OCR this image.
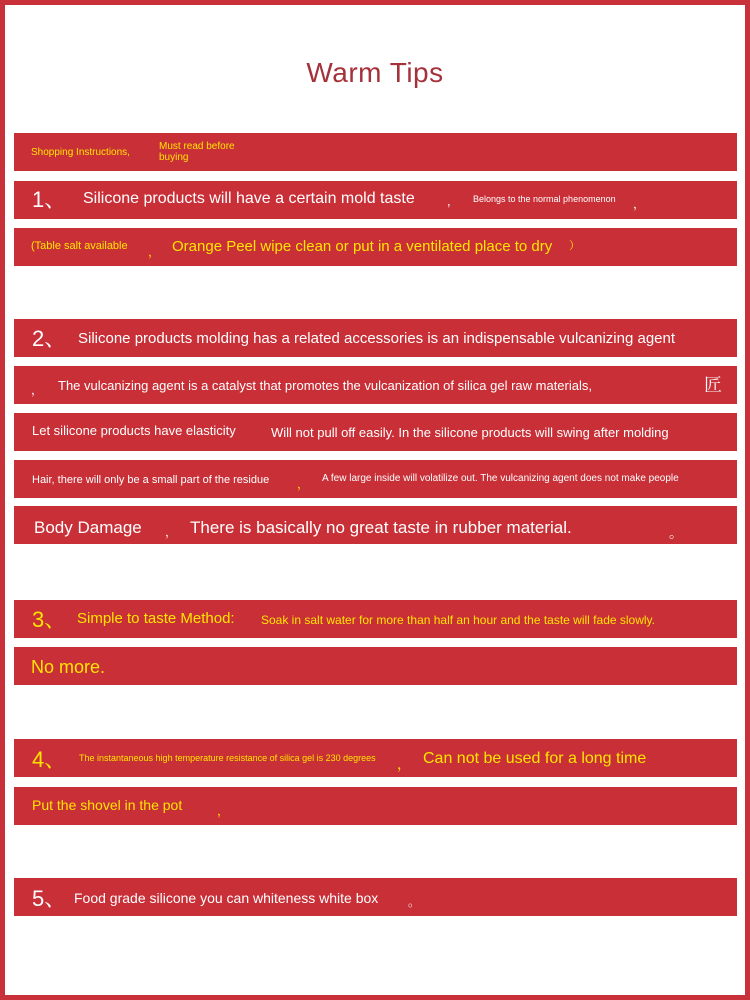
Warm Tips
Shopping Instructions,
Must read before buying
1、 Silicone products will have a certain mold taste	， Belongs to the normal phenomenon ，
(Table salt available ， Orange Peel wipe clean or put in a ventilated place to dry ）
2、 Silicone products molding has a related accessories is an indispensable vulcanizing agent
， The vulcanizing agent is a catalyst that promotes the vulcanization of silica gel raw materials,	匠
Let silicone products have elasticity	Will not pull off easily. In the silicone products will swing after molding
Hair, there will only be a small part of the residue ， A few large inside will volatilize out. The vulcanizing agent does not make people
Body Damage ， There is basically no great taste in rubber material.	。
3、 Simple to taste Method: Soak in salt water for more than half an hour and the taste will fade slowly.
No more.
4、 The instantaneous high temperature resistance of silica gel is 230 degrees ， Can not be used for a long time
Put the shovel in the pot	，
5、 Food grade silicone you can whiteness white box 。
